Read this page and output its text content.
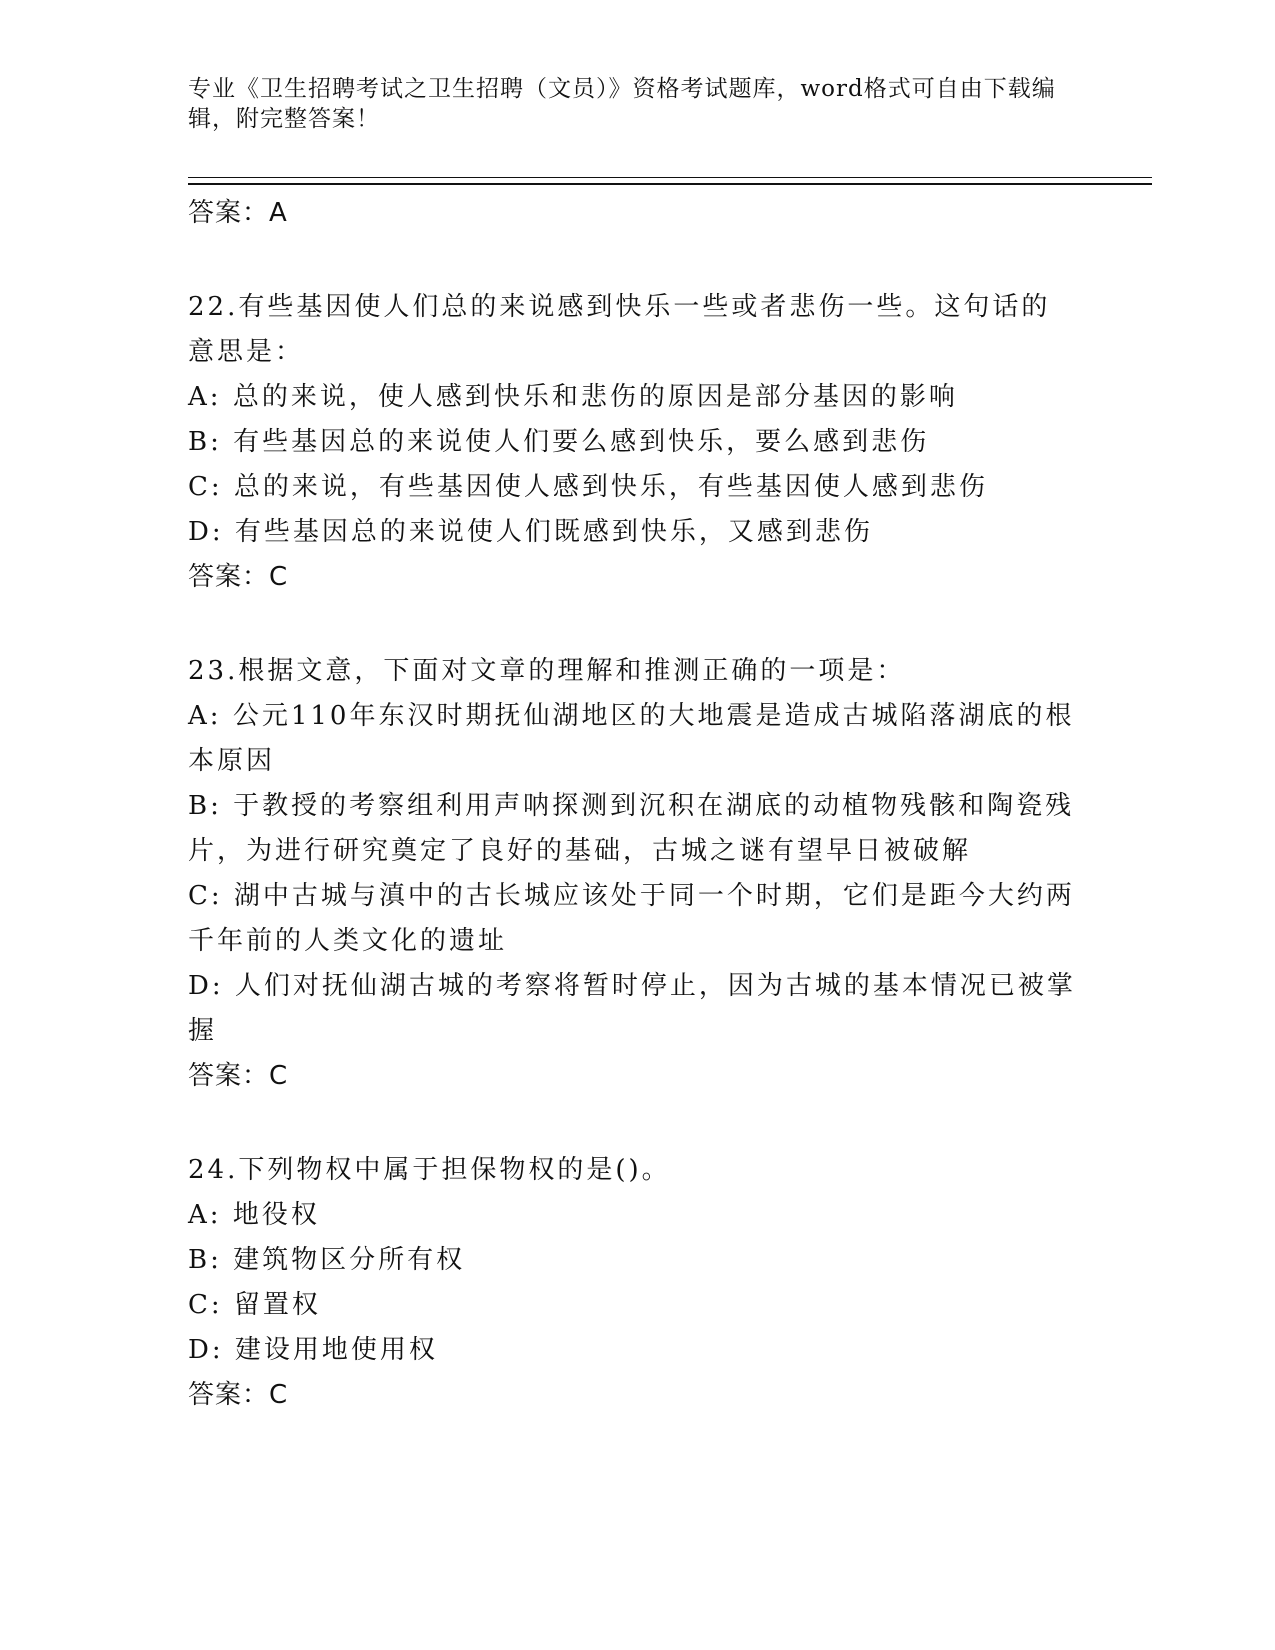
专业《卫生招聘考试之卫生招聘（文员）》资格考试题库，word格式可自由下载编辑，附完整答案！
答案：A

22.有些基因使人们总的来说感到快乐一些或者悲伤一些。这句话的意思是：

A: 总的来说，使人感到快乐和悲伤的原因是部分基因的影响

B: 有些基因总的来说使人们要么感到快乐，要么感到悲伤

C: 总的来说，有些基因使人感到快乐，有些基因使人感到悲伤

D: 有些基因总的来说使人们既感到快乐，又感到悲伤

答案：C

23.根据文意，下面对文章的理解和推测正确的一项是：

A: 公元110年东汉时期抚仙湖地区的大地震是造成古城陷落湖底的根本原因

B: 于教授的考察组利用声呐探测到沉积在湖底的动植物残骸和陶瓷残片，为进行研究奠定了良好的基础，古城之谜有望早日被破解

C: 湖中古城与滇中的古长城应该处于同一个时期，它们是距今大约两千年前的人类文化的遗址

D: 人们对抚仙湖古城的考察将暂时停止，因为古城的基本情况已被掌握

答案：C

24.下列物权中属于担保物权的是()。

A: 地役权

B: 建筑物区分所有权

C: 留置权

D: 建设用地使用权

答案：C
